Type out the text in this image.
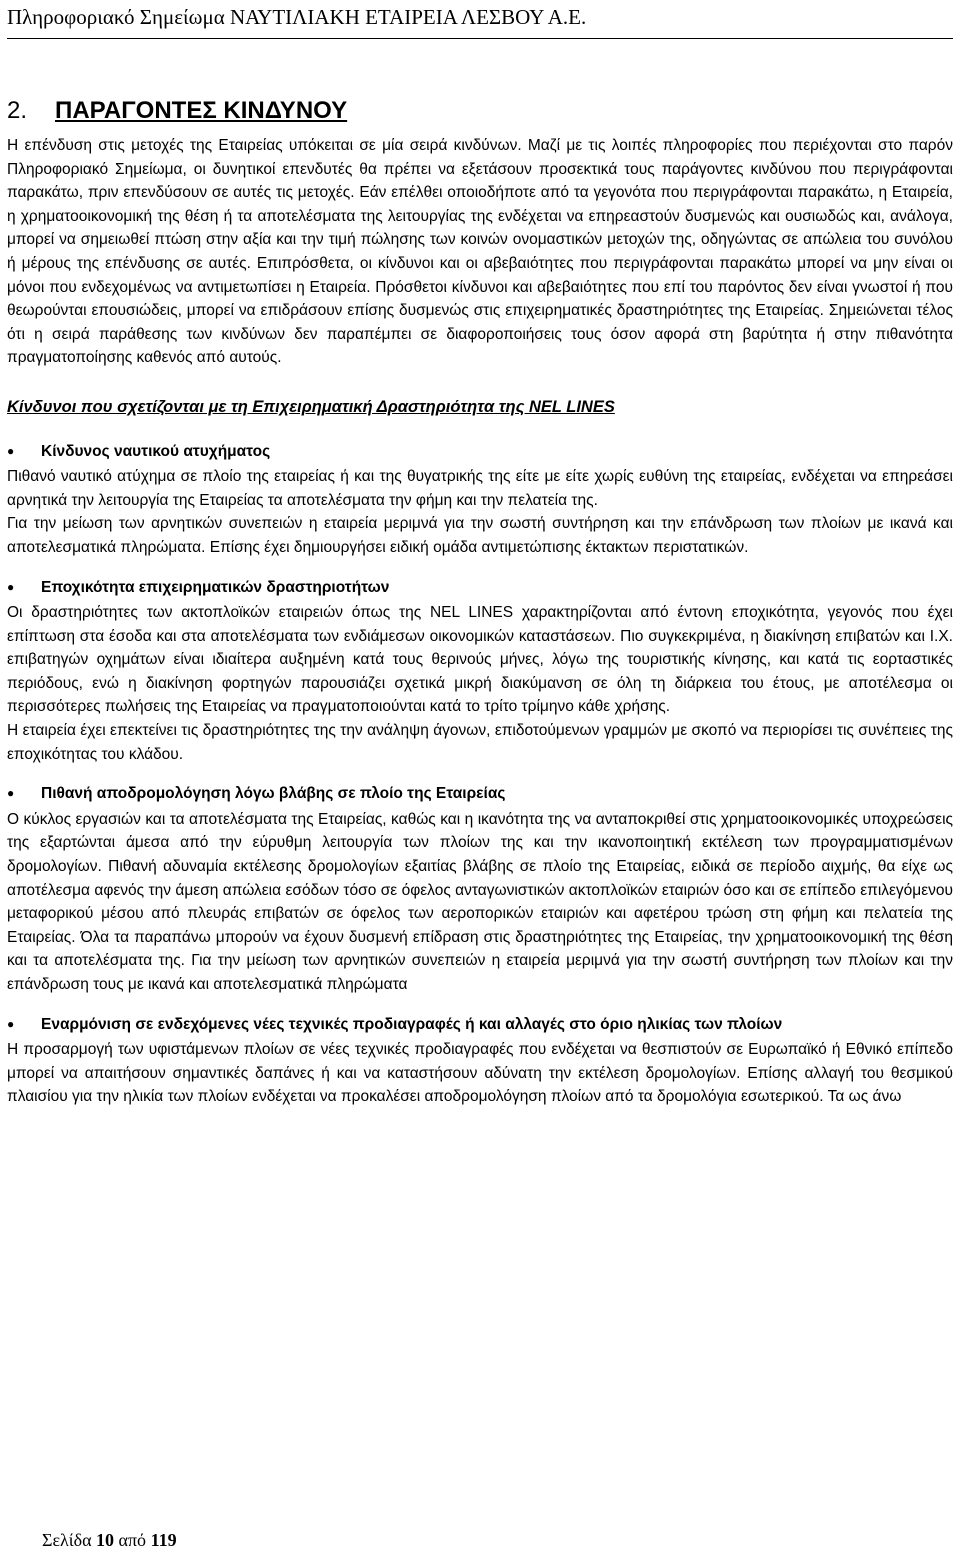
Πληροφοριακό Σημείωμα ΝΑΥΤΙΛΙΑΚΗ ΕΤΑΙΡΕΙΑ ΛΕΣΒΟΥ Α.Ε.
2. ΠΑΡΑΓΟΝΤΕΣ ΚΙΝΔΥΝΟΥ

Η επένδυση στις μετοχές της Εταιρείας υπόκειται σε μία σειρά κινδύνων. Μαζί με τις λοιπές πληροφορίες που περιέχονται στο παρόν Πληροφοριακό Σημείωμα, οι δυνητικοί επενδυτές θα πρέπει να εξετάσουν προσεκτικά τους παράγοντες κινδύνου που περιγράφονται παρακάτω, πριν επενδύσουν σε αυτές τις μετοχές. Εάν επέλθει οποιοδήποτε από τα γεγονότα που περιγράφονται παρακάτω, η Εταιρεία, η χρηματοοικονομική της θέση ή τα αποτελέσματα της λειτουργίας της ενδέχεται να επηρεαστούν δυσμενώς και ουσιωδώς και, ανάλογα, μπορεί να σημειωθεί πτώση στην αξία και την τιμή πώλησης των κοινών ονομαστικών μετοχών της, οδηγώντας σε απώλεια του συνόλου ή μέρους της επένδυσης σε αυτές. Επιπρόσθετα, οι κίνδυνοι και οι αβεβαιότητες που περιγράφονται παρακάτω μπορεί να μην είναι οι μόνοι που ενδεχομένως να αντιμετωπίσει η Εταιρεία. Πρόσθετοι κίνδυνοι και αβεβαιότητες που επί του παρόντος δεν είναι γνωστοί ή που θεωρούνται επουσιώδεις, μπορεί να επιδράσουν επίσης δυσμενώς στις επιχειρηματικές δραστηριότητες της Εταιρείας. Σημειώνεται τέλος ότι η σειρά παράθεσης των κινδύνων δεν παραπέμπει σε διαφοροποιήσεις τους όσον αφορά στη βαρύτητα ή στην πιθανότητα πραγματοποίησης καθενός από αυτούς.

Κίνδυνοι που σχετίζονται με τη Επιχειρηματική Δραστηριότητα της NEL LINES
●	Κίνδυνος ναυτικού ατυχήματος

Πιθανό ναυτικό ατύχημα σε πλοίο της εταιρείας ή και της θυγατρικής της είτε με είτε χωρίς ευθύνη της εταιρείας, ενδέχεται να επηρεάσει αρνητικά την λειτουργία της Εταιρείας τα αποτελέσματα την φήμη και την πελατεία της.

Για την μείωση των αρνητικών συνεπειών η εταιρεία μεριμνά για την σωστή συντήρηση και την επάνδρωση των πλοίων με ικανά και αποτελεσματικά πληρώματα. Επίσης έχει δημιουργήσει ειδική ομάδα αντιμετώπισης έκτακτων περιστατικών.

●	Εποχικότητα επιχειρηματικών δραστηριοτήτων

Οι δραστηριότητες των ακτοπλοϊκών εταιρειών όπως της NEL LINES χαρακτηρίζονται από έντονη εποχικότητα, γεγονός που έχει επίπτωση στα έσοδα και στα αποτελέσματα των ενδιάμεσων οικονομικών καταστάσεων. Πιο συγκεκριμένα, η διακίνηση επιβατών και Ι.Χ. επιβατηγών οχημάτων είναι ιδιαίτερα αυξημένη κατά τους θερινούς μήνες, λόγω της τουριστικής κίνησης, και κατά τις εορταστικές περιόδους, ενώ η διακίνηση φορτηγών παρουσιάζει σχετικά μικρή διακύμανση σε όλη τη διάρκεια του έτους, με αποτέλεσμα οι περισσότερες πωλήσεις της Εταιρείας να πραγματοποιούνται κατά το τρίτο τρίμηνο κάθε χρήσης.

Η εταιρεία έχει επεκτείνει τις δραστηριότητες της την ανάληψη άγονων, επιδοτούμενων γραμμών με σκοπό να περιορίσει τις συνέπειες της εποχικότητας του κλάδου.

●	Πιθανή αποδρομολόγηση λόγω βλάβης σε πλοίο της Εταιρείας

Ο κύκλος εργασιών και τα αποτελέσματα της Εταιρείας, καθώς και η ικανότητα της να ανταποκριθεί στις χρηματοοικονομικές υποχρεώσεις της εξαρτώνται άμεσα από την εύρυθμη λειτουργία των πλοίων της και την ικανοποιητική εκτέλεση των προγραμματισμένων δρομολογίων. Πιθανή αδυναμία εκτέλεσης δρομολογίων εξαιτίας βλάβης σε πλοίο της Εταιρείας, ειδικά σε περίοδο αιχμής, θα είχε ως αποτέλεσμα αφενός την άμεση απώλεια εσόδων τόσο σε όφελος ανταγωνιστικών ακτοπλοϊκών εταιριών όσο και σε επίπεδο επιλεγόμενου μεταφορικού μέσου από πλευράς επιβατών σε όφελος των αεροπορικών εταιριών και αφετέρου τρώση στη φήμη και πελατεία της Εταιρείας. Όλα τα παραπάνω μπορούν να έχουν δυσμενή επίδραση στις δραστηριότητες της Εταιρείας, την χρηματοοικονομική της θέση και τα αποτελέσματα της. Για την μείωση των αρνητικών συνεπειών η εταιρεία μεριμνά για την σωστή συντήρηση των πλοίων και την επάνδρωση τους με ικανά και αποτελεσματικά πληρώματα

●	Εναρμόνιση σε ενδεχόμενες νέες τεχνικές προδιαγραφές ή και αλλαγές στο όριο ηλικίας των πλοίων

Η προσαρμογή των υφιστάμενων πλοίων σε νέες τεχνικές προδιαγραφές που ενδέχεται να θεσπιστούν σε Ευρωπαϊκό ή Εθνικό επίπεδο μπορεί να απαιτήσουν σημαντικές δαπάνες ή και να καταστήσουν αδύνατη την εκτέλεση δρομολογίων. Επίσης αλλαγή του θεσμικού πλαισίου για την ηλικία των πλοίων ενδέχεται να προκαλέσει αποδρομολόγηση πλοίων από τα δρομολόγια εσωτερικού. Τα ως άνω

Σελίδα 10 από 119
